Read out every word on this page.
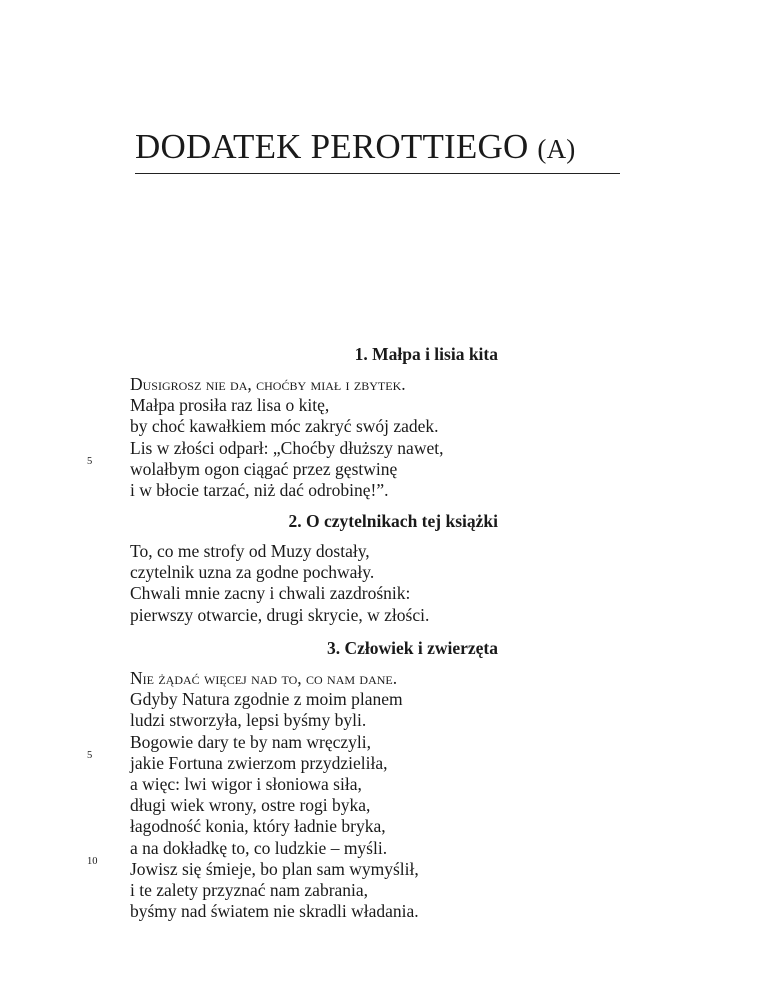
DODATEK PEROTTIEGO (A)
1. Małpa i lisia kita
Dusigrosz nie da, choćby miał i zbytek.
Małpa prosiła raz lisa o kitę,
by choć kawałkiem móc zakryć swój zadek.
Lis w złości odparł: „Choćby dłuższy nawet,
wolałbym ogon ciągać przez gęstwinę
i w błocie tarzać, niż dać odrobinę!”.
5
2. O czytelnikach tej książki
To, co me strofy od Muzy dostały,
czytelnik uzna za godne pochwały.
Chwali mnie zacny i chwali zazdrośnik:
pierwszy otwarcie, drugi skrycie, w złości.
3. Człowiek i zwierzęta
Nie żądać więcej nad to, co nam dane.
Gdyby Natura zgodnie z moim planem
ludzi stworzyła, lepsi byśmy byli.
Bogowie dary te by nam wręczyli,
jakie Fortuna zwierzom przydzieliła,
a więc: lwi wigor i słoniowa siła,
długi wiek wrony, ostre rogi byka,
łagodność konia, który ładnie bryka,
a na dokładkę to, co ludzkie – myśli.
Jowisz się śmieje, bo plan sam wymyślił,
i te zalety przyznać nam zabrania,
byśmy nad światem nie skradli władania.
5
10
